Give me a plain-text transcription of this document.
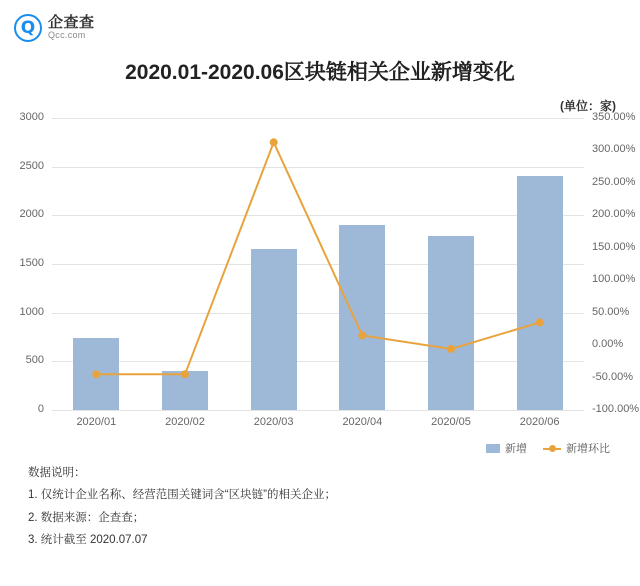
Q 企查查
Qcc.com
2020.01-2020.06区块链相关企业新增变化
(单位：家)
3000
2500
2000
1500
1000
500
0
350.00%
300.00%
250.00%
200.00%
150.00%
100.00%
50.00%
0.00%
-50.00%
-100.00%
2020/01	2020/02	2020/03	2020/04	2020/05	2020/06
新增	新增环比
数据说明：
1. 仅统计企业名称、经营范围关键词含“区块链”的相关企业；
2. 数据来源：企查查；
3. 统计截至 2020.07.07
